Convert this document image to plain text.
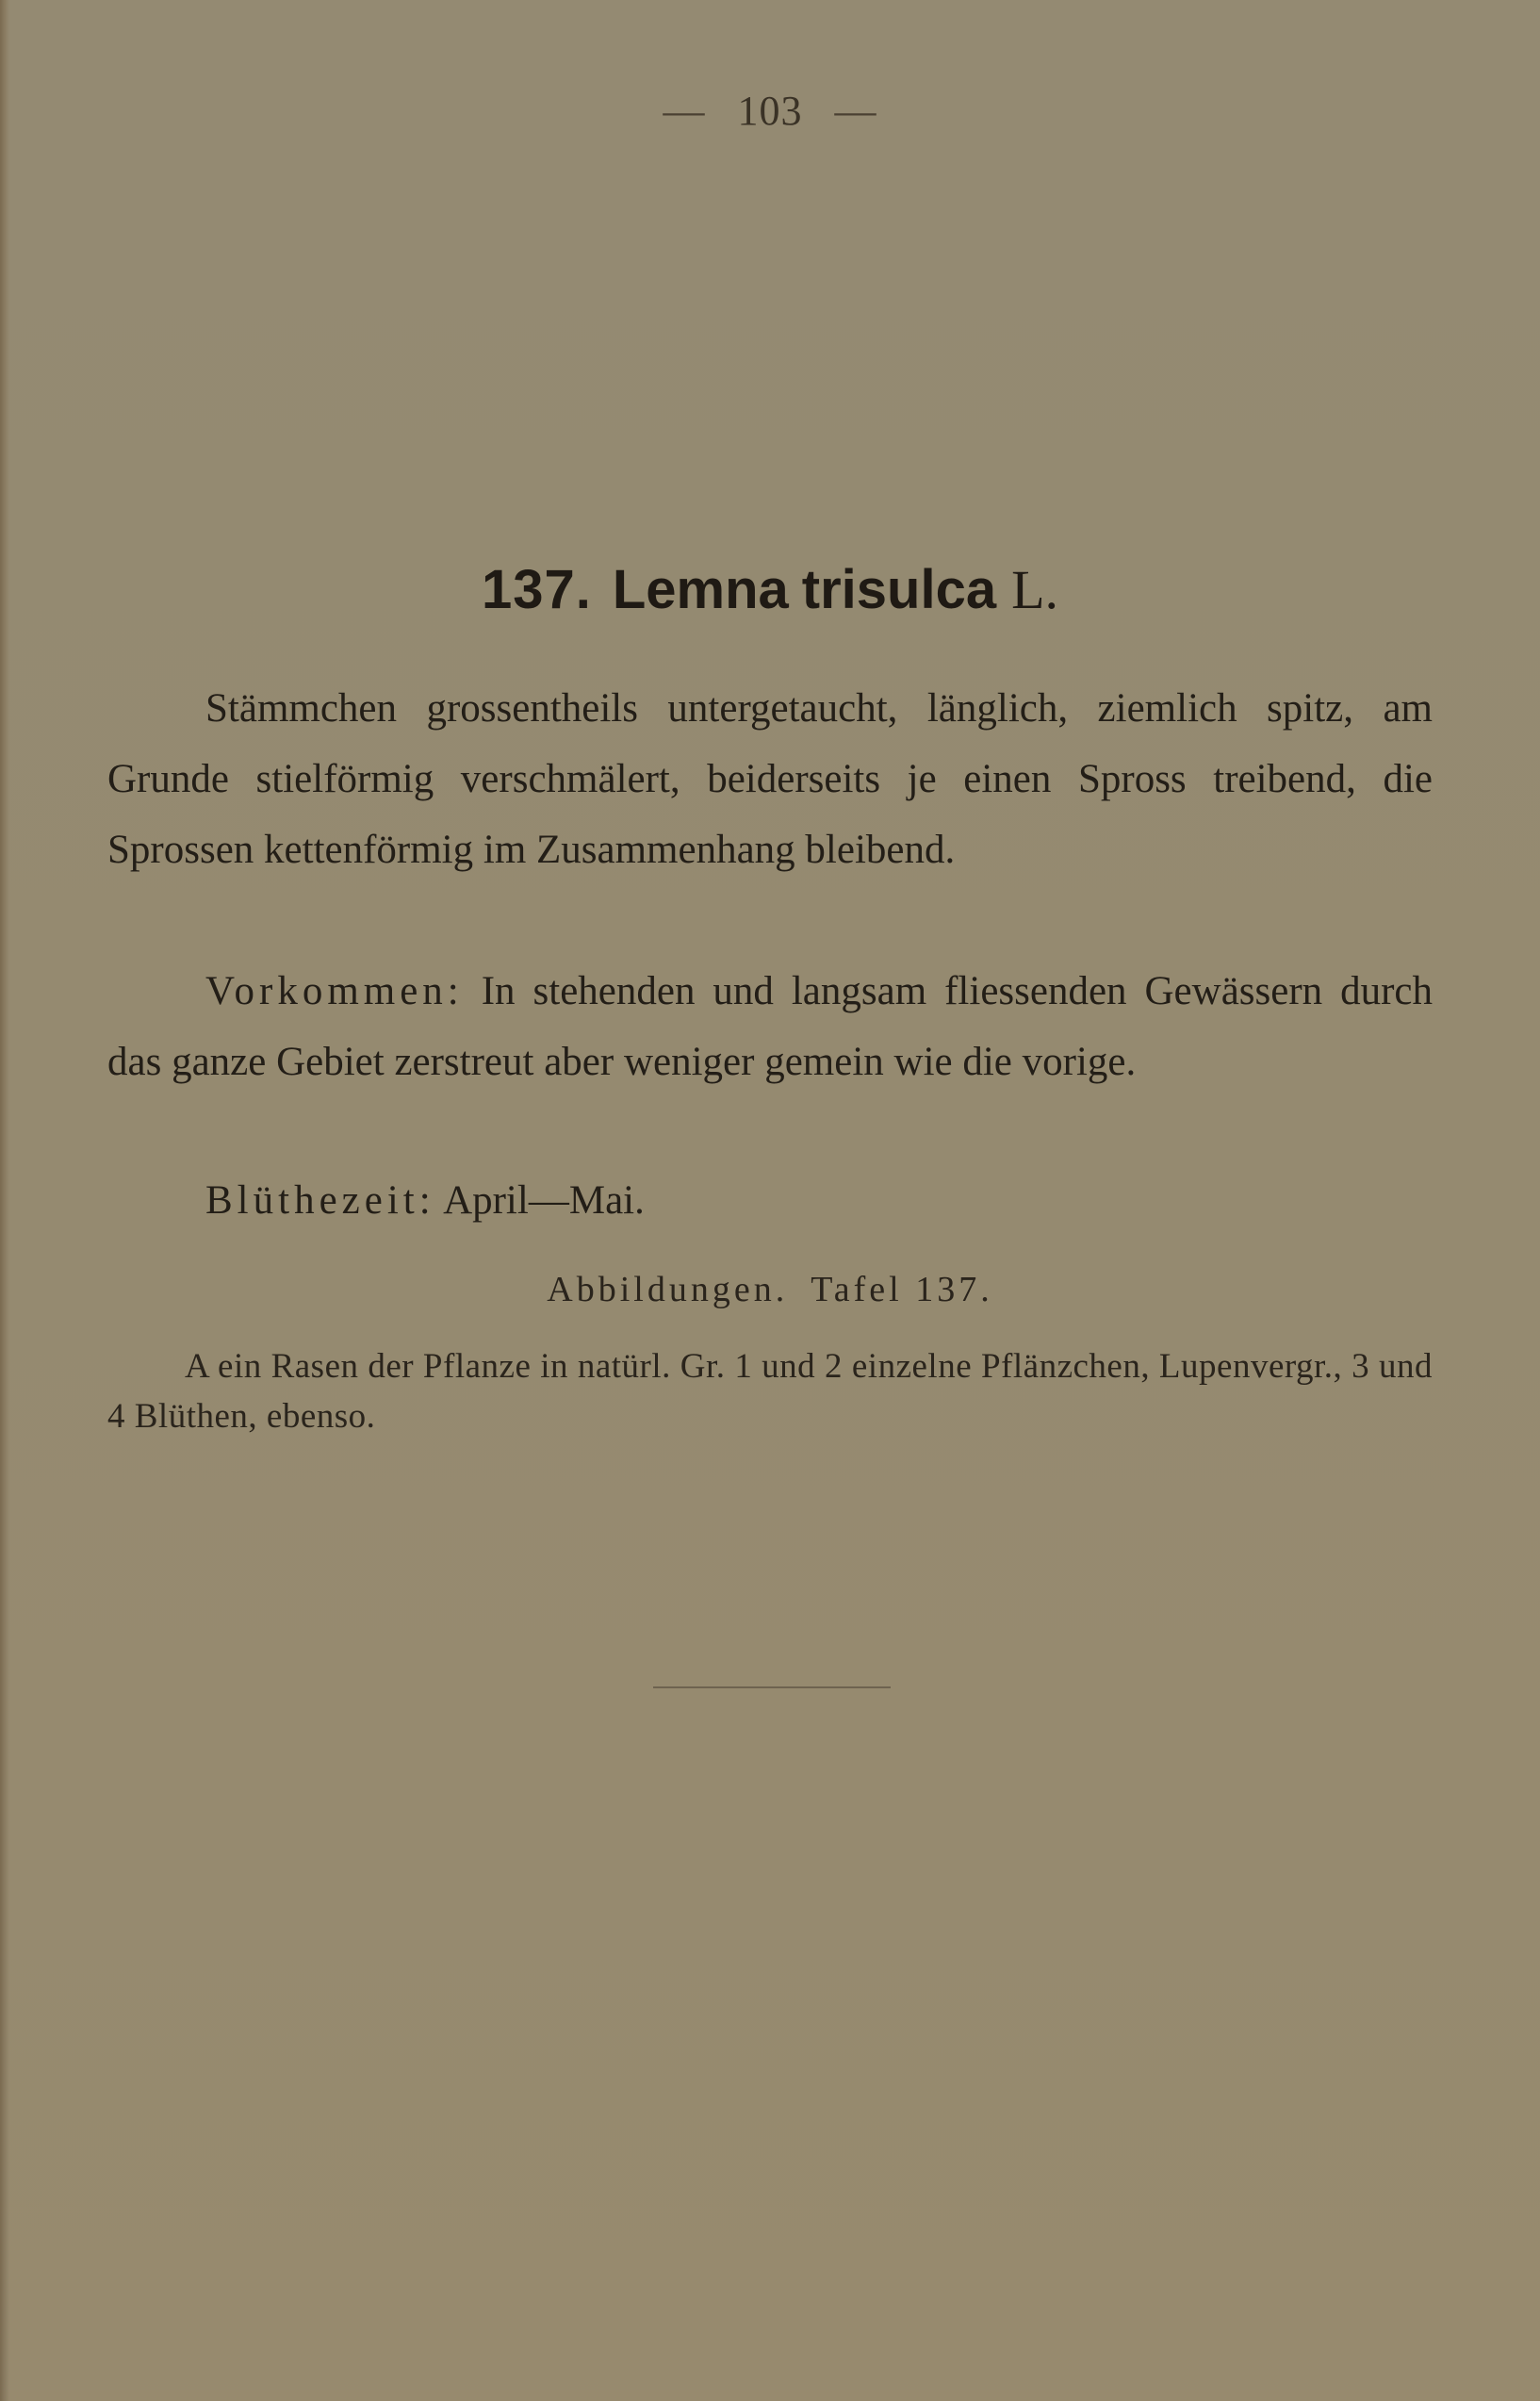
— 103 —
137. Lemna trisulca L.
Stämmchen grossentheils untergetaucht, länglich, ziemlich spitz, am Grunde stielförmig verschmälert, beiderseits je einen Spross treibend, die Sprossen kettenförmig im Zusammenhang bleibend.
Vorkommen: In stehenden und langsam fliessenden Gewässern durch das ganze Gebiet zerstreut aber weniger gemein wie die vorige.
Blüthezeit: April—Mai.
Abbildungen. Tafel 137.
A ein Rasen der Pflanze in natürl. Gr. 1 und 2 einzelne Pflänzchen, Lupenvergr., 3 und 4 Blüthen, ebenso.
